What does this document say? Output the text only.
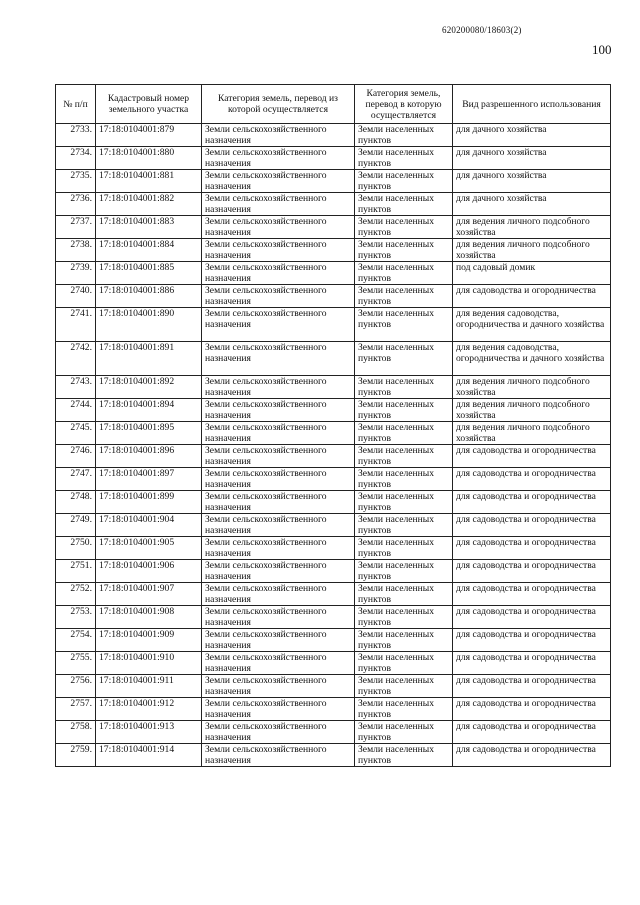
620200080/18603(2)
100
№ п/п	Кадастровый номер земельного участка	Категория земель, перевод из которой осуществляется	Категория земель, перевод в которую осуществляется	Вид разрешенного использования
2733.	17:18:0104001:879	Земли сельскохозяйственного назначения	Земли населенных пунктов	для дачного хозяйства
2734.	17:18:0104001:880	Земли сельскохозяйственного назначения	Земли населенных пунктов	для дачного хозяйства
2735.	17:18:0104001:881	Земли сельскохозяйственного назначения	Земли населенных пунктов	для дачного хозяйства
2736.	17:18:0104001:882	Земли сельскохозяйственного назначения	Земли населенных пунктов	для дачного хозяйства
2737.	17:18:0104001:883	Земли сельскохозяйственного назначения	Земли населенных пунктов	для ведения личного подсобного хозяйства
2738.	17:18:0104001:884	Земли сельскохозяйственного назначения	Земли населенных пунктов	для ведения личного подсобного хозяйства
2739.	17:18:0104001:885	Земли сельскохозяйственного назначения	Земли населенных пунктов	под садовый домик
2740.	17:18:0104001:886	Земли сельскохозяйственного назначения	Земли населенных пунктов	для садоводства и огородничества
2741.	17:18:0104001:890	Земли сельскохозяйственного назначения	Земли населенных пунктов	для ведения садоводства, огородничества и дачного хозяйства
2742.	17:18:0104001:891	Земли сельскохозяйственного назначения	Земли населенных пунктов	для ведения садоводства, огородничества и дачного хозяйства
2743.	17:18:0104001:892	Земли сельскохозяйственного назначения	Земли населенных пунктов	для ведения личного подсобного хозяйства
2744.	17:18:0104001:894	Земли сельскохозяйственного назначения	Земли населенных пунктов	для ведения личного подсобного хозяйства
2745.	17:18:0104001:895	Земли сельскохозяйственного назначения	Земли населенных пунктов	для ведения личного подсобного хозяйства
2746.	17:18:0104001:896	Земли сельскохозяйственного назначения	Земли населенных пунктов	для садоводства и огородничества
2747.	17:18:0104001:897	Земли сельскохозяйственного назначения	Земли населенных пунктов	для садоводства и огородничества
2748.	17:18:0104001:899	Земли сельскохозяйственного назначения	Земли населенных пунктов	для садоводства и огородничества
2749.	17:18:0104001:904	Земли сельскохозяйственного назначения	Земли населенных пунктов	для садоводства и огородничества
2750.	17:18:0104001:905	Земли сельскохозяйственного назначения	Земли населенных пунктов	для садоводства и огородничества
2751.	17:18:0104001:906	Земли сельскохозяйственного назначения	Земли населенных пунктов	для садоводства и огородничества
2752.	17:18:0104001:907	Земли сельскохозяйственного назначения	Земли населенных пунктов	для садоводства и огородничества
2753.	17:18:0104001:908	Земли сельскохозяйственного назначения	Земли населенных пунктов	для садоводства и огородничества
2754.	17:18:0104001:909	Земли сельскохозяйственного назначения	Земли населенных пунктов	для садоводства и огородничества
2755.	17:18:0104001:910	Земли сельскохозяйственного назначения	Земли населенных пунктов	для садоводства и огородничества
2756.	17:18:0104001:911	Земли сельскохозяйственного назначения	Земли населенных пунктов	для садоводства и огородничества
2757.	17:18:0104001:912	Земли сельскохозяйственного назначения	Земли населенных пунктов	для садоводства и огородничества
2758.	17:18:0104001:913	Земли сельскохозяйственного назначения	Земли населенных пунктов	для садоводства и огородничества
2759.	17:18:0104001:914	Земли сельскохозяйственного назначения	Земли населенных пунктов	для садоводства и огородничества
